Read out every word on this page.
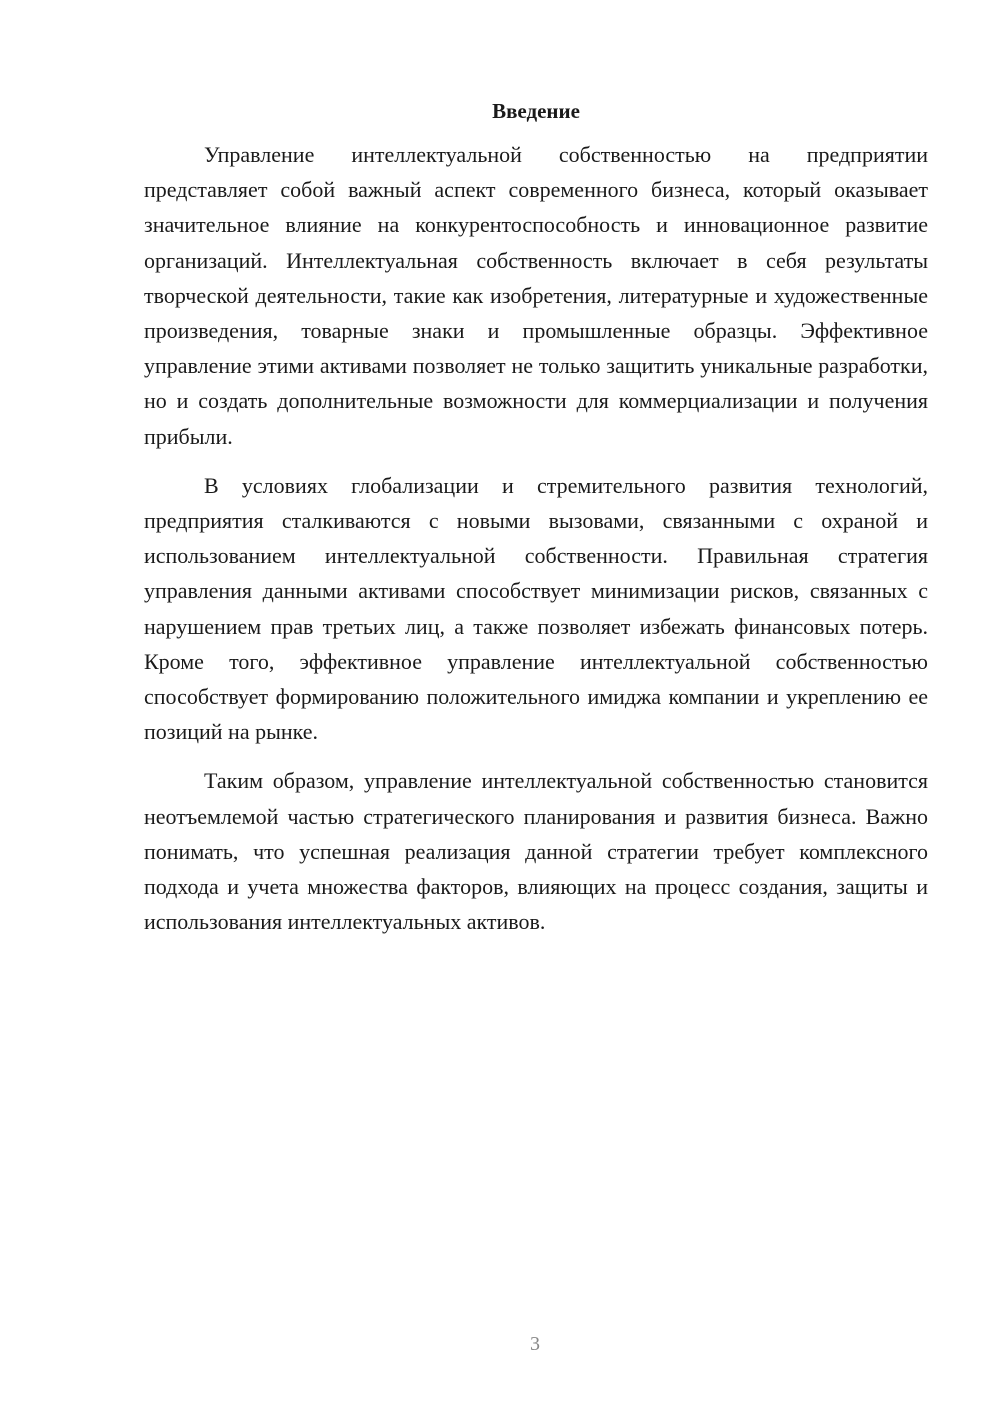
Введение

Управление интеллектуальной собственностью на предприятии представляет собой важный аспект современного бизнеса, который оказывает значительное влияние на конкурентоспособность и инновационное развитие организаций. Интеллектуальная собственность включает в себя результаты творческой деятельности, такие как изобретения, литературные и художественные произведения, товарные знаки и промышленные образцы. Эффективное управление этими активами позволяет не только защитить уникальные разработки, но и создать дополнительные возможности для коммерциализации и получения прибыли.

В условиях глобализации и стремительного развития технологий, предприятия сталкиваются с новыми вызовами, связанными с охраной и использованием интеллектуальной собственности. Правильная стратегия управления данными активами способствует минимизации рисков, связанных с нарушением прав третьих лиц, а также позволяет избежать финансовых потерь. Кроме того, эффективное управление интеллектуальной собственностью способствует формированию положительного имиджа компании и укреплению ее позиций на рынке.

Таким образом, управление интеллектуальной собственностью становится неотъемлемой частью стратегического планирования и развития бизнеса. Важно понимать, что успешная реализация данной стратегии требует комплексного подхода и учета множества факторов, влияющих на процесс создания, защиты и использования интеллектуальных активов.

3
